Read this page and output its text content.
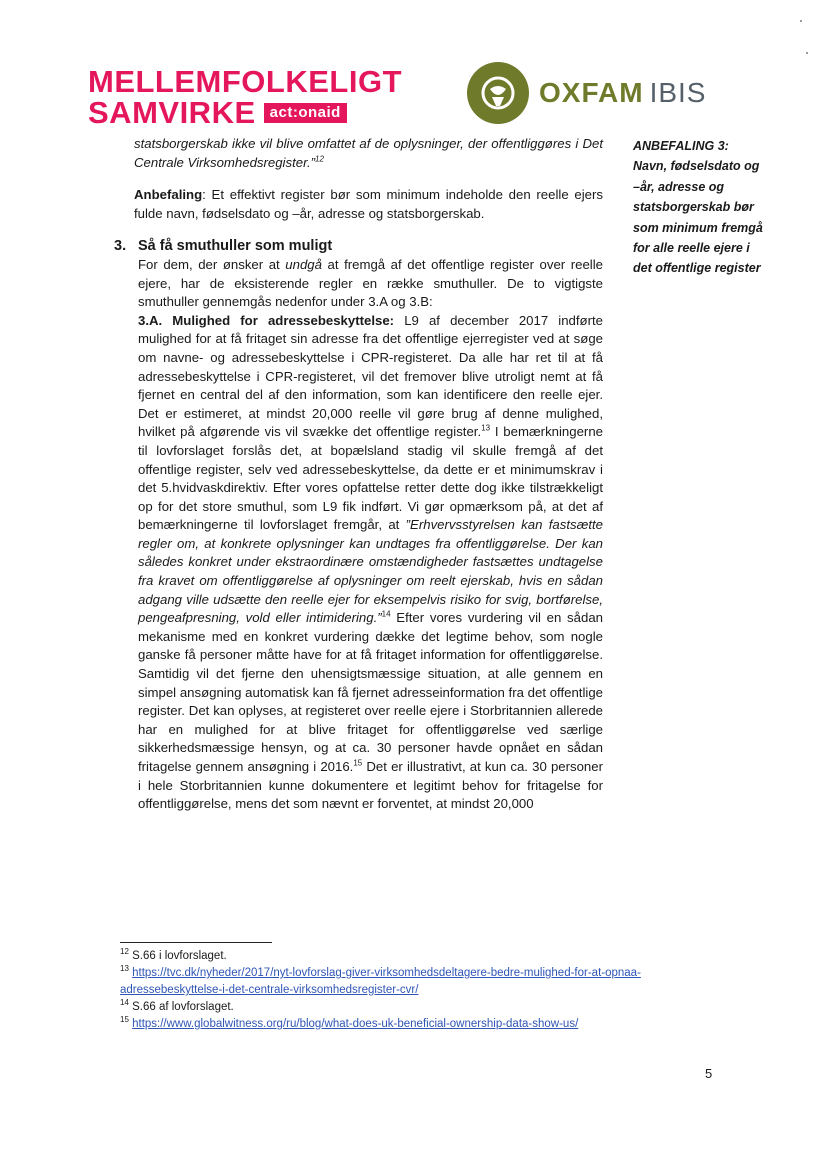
MELLEMFOLKELIGT
SAMVIRKE act:onaid
OXFAM IBIS

statsborgerskab ikke vil blive omfattet af de oplysninger, der offentliggøres i Det Centrale Virksomhedsregister.”$^{12}$

Anbefaling: Et effektivt register bør som minimum indeholde den reelle ejers fulde navn, fødselsdato og –år, adresse og statsborgerskab.

3. Så få smuthuller som muligt

For dem, der ønsker at undgå at fremgå af det offentlige register over reelle ejere, har de eksisterende regler en række smuthuller. De to vigtigste smuthuller gennemgås nedenfor under 3.A og 3.B:

3.A. Mulighed for adressebeskyttelse: L9 af december 2017 indførte mulighed for at få fritaget sin adresse fra det offentlige ejerregister ved at søge om navne- og adressebeskyttelse i CPR-registeret. Da alle har ret til at få adressebeskyttelse i CPR-registeret, vil det fremover blive utroligt nemt at få fjernet en central del af den information, som kan identificere den reelle ejer. Det er estimeret, at mindst 20,000 reelle vil gøre brug af denne mulighed, hvilket på afgørende vis vil svække det offentlige register.$^{13}$ I bemærkningerne til lovforslaget forslås det, at bopælsland stadig vil skulle fremgå af det offentlige register, selv ved adressebeskyttelse, da dette er et minimumskrav i det 5.hvidvaskdirektiv. Efter vores opfattelse retter dette dog ikke tilstrækkeligt op for det store smuthul, som L9 fik indført. Vi gør opmærksom på, at det af bemærkningerne til lovforslaget fremgår, at ”Erhvervsstyrelsen kan fastsætte regler om, at konkrete oplysninger kan undtages fra offentliggørelse. Der kan således konkret under ekstraordinære omstændigheder fastsættes undtagelse fra kravet om offentliggørelse af oplysninger om reelt ejerskab, hvis en sådan adgang ville udsætte den reelle ejer for eksempelvis risiko for svig, bortførelse, pengeafpresning, vold eller intimidering.”$^{14}$ Efter vores vurdering vil en sådan mekanisme med en konkret vurdering dække det legtime behov, som nogle ganske få personer måtte have for at få fritaget information for offentliggørelse. Samtidig vil det fjerne den uhensigtsmæssige situation, at alle gennem en simpel ansøgning automatisk kan få fjernet adresseinformation fra det offentlige register. Det kan oplyses, at registeret over reelle ejere i Storbritannien allerede har en mulighed for at blive fritaget for offentliggørelse ved særlige sikkerhedsmæssige hensyn, og at ca. 30 personer havde opnået en sådan fritagelse gennem ansøgning i 2016.15 Det er illustrativt, at kun ca. 30 personer i hele Storbritannien kunne dokumentere et legitimt behov for fritagelse for offentliggørelse, mens det som nævnt er forventet, at mindst 20,000

ANBEFALING 3:
Navn, fødselsdato og
–år, adresse og
statsborgerskab bør
som minimum fremgå
for alle reelle ejere i
det offentlige register

$^{12}$ S.66 i lovforslaget.

$^{13}$ https://tvc.dk/nyheder/2017/nyt-lovforslag-giver-virksomhedsdeltagere-bedre-mulighed-for-at-opnaa-
adressebeskyttelse-i-det-centrale-virksomhedsregister-cvr/

$^{14}$ S.66 af lovforslaget.

$^{15}$ https://www.globalwitness.org/ru/blog/what-does-uk-beneficial-ownership-data-show-us/

5
